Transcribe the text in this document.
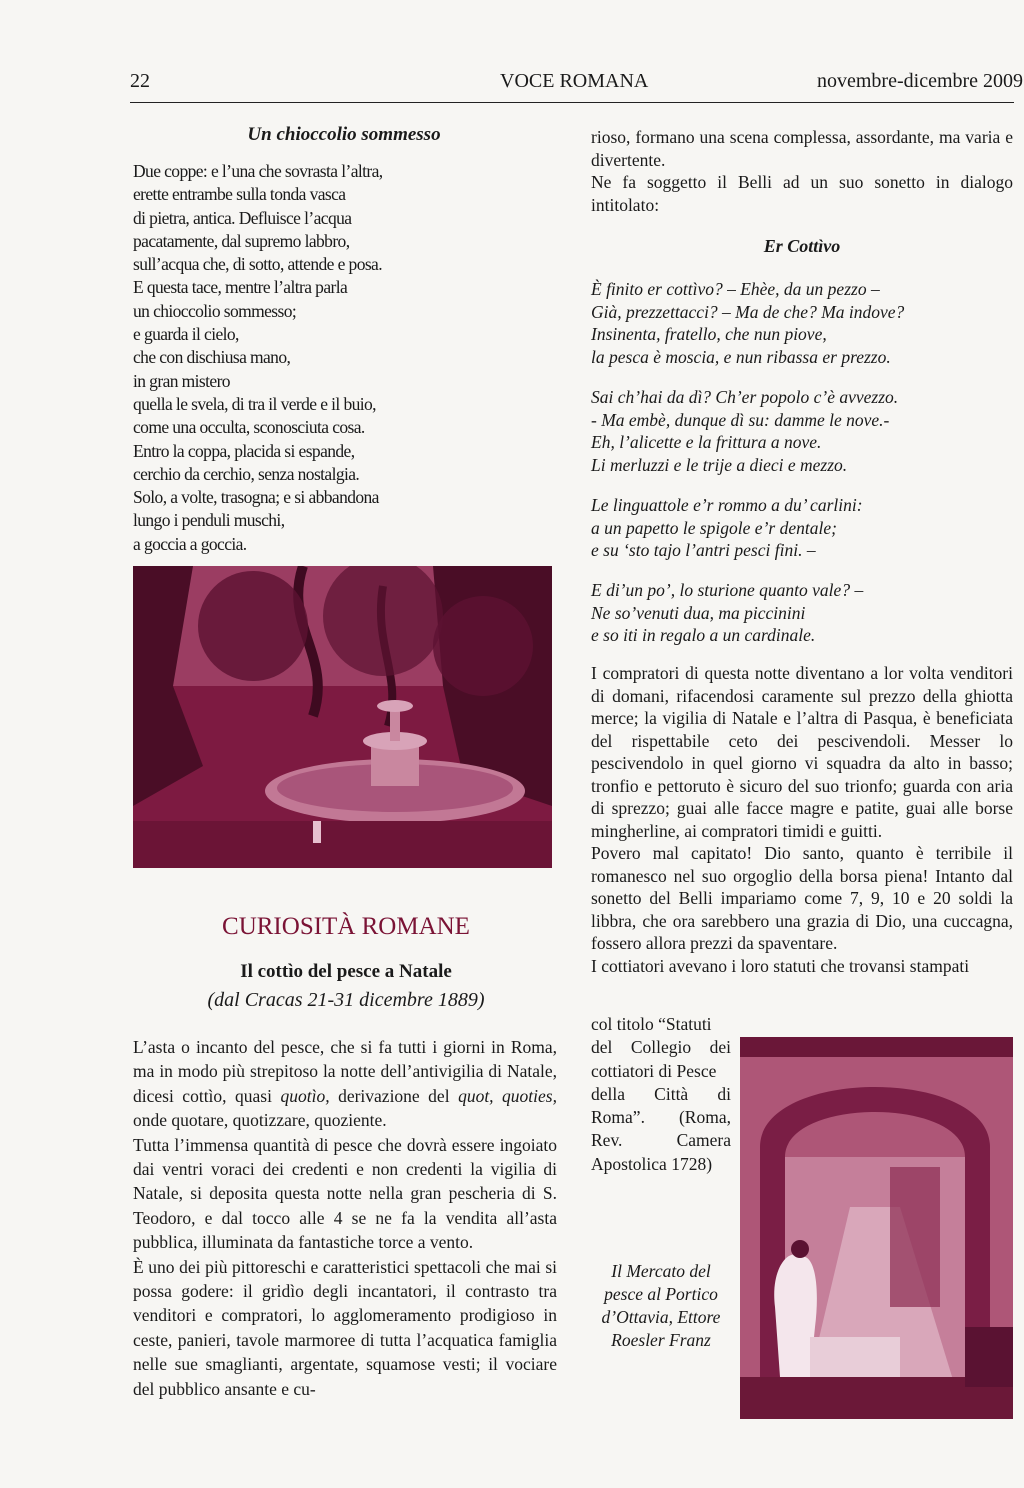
22	VOCE ROMANA	novembre-dicembre 2009
Un chioccolio sommesso
Due coppe: e l’una che sovrasta l’altra,
erette entrambe sulla tonda vasca
di pietra, antica. Defluisce l’acqua
pacatamente, dal supremo labbro,
sull’acqua che, di sotto, attende e posa.
E questa tace, mentre l’altra parla
un chioccolio sommesso;
e guarda il cielo,
che con dischiusa mano,
in gran mistero
quella le svela, di tra il verde e il buio,
come una occulta, sconosciuta cosa.
Entro la coppa, placida si espande,
cerchio da cerchio, senza nostalgia.
Solo, a volte, trasogna; e si abbandona
lungo i penduli muschi,
a goccia a goccia.
CURIOSITÀ ROMANE
Il cottìo del pesce a Natale
(dal Cracas 21-31 dicembre 1889)

L’asta o incanto del pesce, che si fa tutti i giorni in Roma, ma in modo più strepitoso la notte dell’antivigilia di Natale, dicesi cottìo, quasi quotìo, derivazione del quot, quoties, onde quotare, quotizzare, quoziente.

Tutta l’immensa quantità di pesce che dovrà essere ingoiato dai ventri voraci dei credenti e non credenti la vigilia di Natale, si deposita questa notte nella gran pescheria di S. Teodoro, e dal tocco alle 4 se ne fa la vendita all’asta pubblica, illuminata da fantastiche torce a vento.

È uno dei più pittoreschi e caratteristici spettacoli che mai si possa godere: il gridìo degli incantatori, il contrasto tra venditori e compratori, lo agglomeramento prodigioso in ceste, panieri, tavole marmoree di tutta l’acquatica famiglia nelle sue smaglianti, argentate, squamose vesti; il vociare del pubblico ansante e cu-

rioso, formano una scena complessa, assordante, ma varia e divertente.

Ne fa soggetto il Belli ad un suo sonetto in dialogo intitolato:

Er Cottìvo
È finito er cottìvo? – Ehèe, da un pezzo –
Già, prezzettacci? – Ma de che? Ma indove?
Insinenta, fratello, che nun piove,
la pesca è moscia, e nun ribassa er prezzo.
Sai ch’hai da dì? Ch’er popolo c’è avvezzo.
- Ma embè, dunque dì su: damme le nove.-
Eh, l’alicette e la frittura a nove.
Li merluzzi e le trije a dieci e mezzo.
Le linguattole e’r rommo a du’ carlini:
a un papetto le spigole e’r dentale;
e su ‘sto tajo l’antri pesci fini. –
E di’un po’, lo sturione quanto vale? –
Ne so’venuti dua, ma piccinini
e so iti in regalo a un cardinale.

I compratori di questa notte diventano a lor volta venditori di domani, rifacendosi caramente sul prezzo della ghiotta merce; la vigilia di Natale e l’altra di Pasqua, è beneficiata del rispettabile ceto dei pescivendoli. Messer lo pescivendolo in quel giorno vi squadra da alto in basso; tronfio e pettoruto è sicuro del suo trionfo; guarda con aria di sprezzo; guai alle facce magre e patite, guai alle borse mingherline, ai compratori timidi e guitti.

Povero mal capitato! Dio santo, quanto è terribile il romanesco nel suo orgoglio della borsa piena! Intanto dal sonetto del Belli impariamo come 7, 9, 10 e 20 soldi la libbra, che ora sarebbero una grazia di Dio, una cuccagna, fossero allora prezzi da spaventare.

I cottiatori avevano i loro statuti che trovansi stampati

col titolo “Statuti
del Collegio dei
cottiatori di Pesce
della Città di
Roma”. (Roma,
Rev.	Camera
Apostolica 1728)
Il Mercato del pesce al Portico d’Ottavia, Ettore Roesler Franz
